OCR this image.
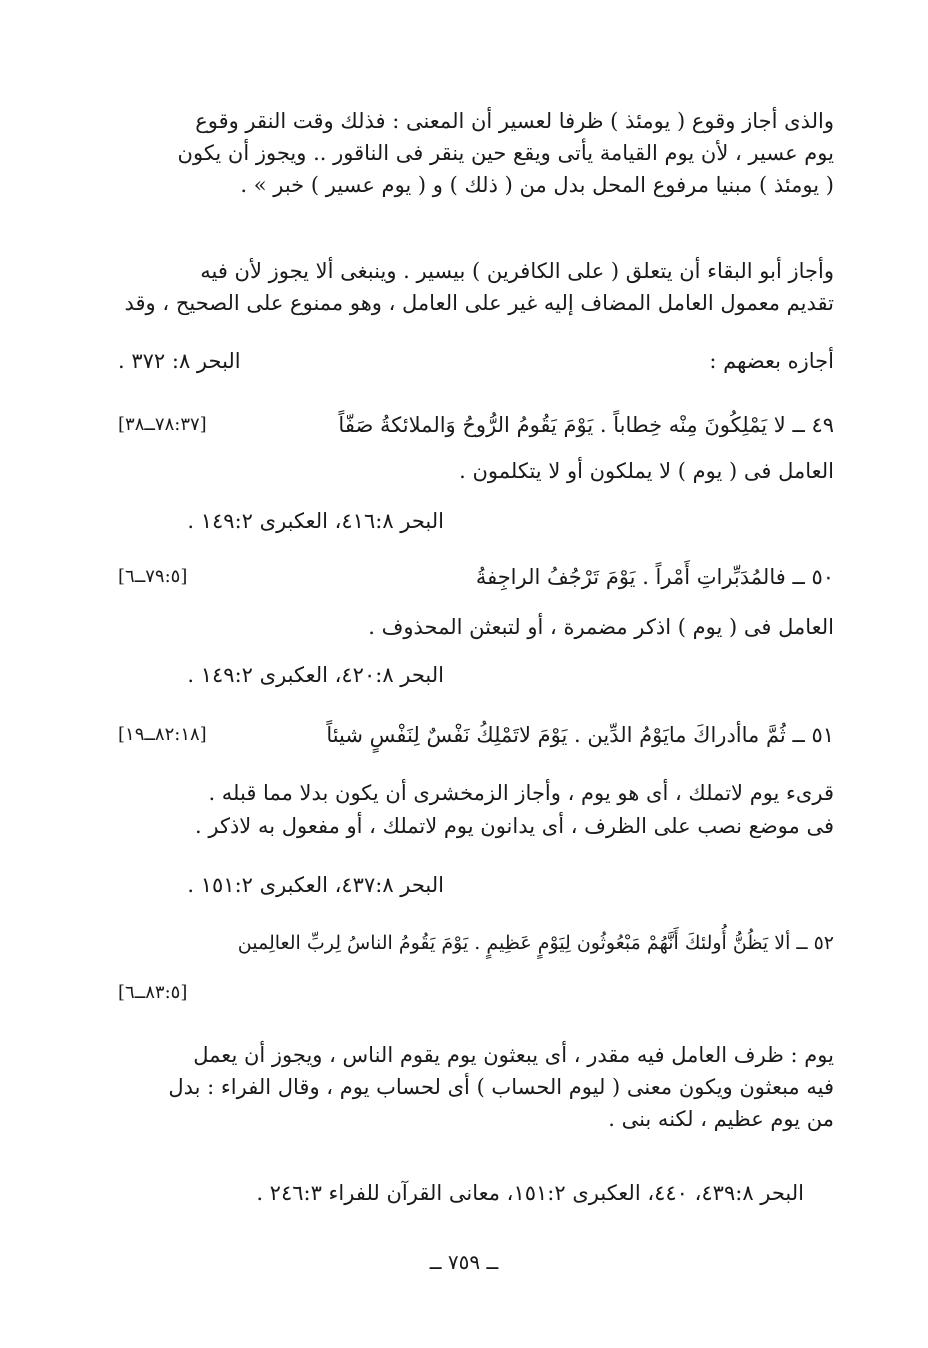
والذى أجاز وقوع ( يومئذ ) ظرفا لعسير أن المعنى : فذلك وقت النقر وقوع
يوم عسير ، لأن يوم القيامة يأتى ويقع حين ينقر فى الناقور .. ويجوز أن يكون
( يومئذ ) مبنيا مرفوع المحل بدل من ( ذلك ) و ( يوم عسير ) خبر » .
وأجاز أبو البقاء أن يتعلق ( على الكافرين ) بيسير . وينبغى ألا يجوز لأن فيه
تقديم معمول العامل المضاف إليه غير على العامل ، وهو ممنوع على الصحيح ، وقد
أجازه بعضهم :
البحر ٨: ٣٧٢ .
٤٩ ــ لا يَمْلِكُونَ مِنْه خِطاباً . يَوْمَ يَقُومُ الرُّوحُ وَالملائكةُ صَفّاً
[٧٨:٣٧ــ٣٨]
العامل فى ( يوم ) لا يملكون أو لا يتكلمون .
البحر ٤١٦:٨، العكبرى ١٤٩:٢ .
٥٠ ــ فالمُدَبِّراتِ أَمْراً . يَوْمَ تَرْجُفُ الراجِفةُ
[٧٩:٥ــ٦]
العامل فى ( يوم ) اذكر مضمرة ، أو لتبعثن المحذوف .
البحر ٤٢٠:٨، العكبرى ١٤٩:٢ .
٥١ ــ ثُمَّ ماأدراكَ مايَوْمُ الدِّين . يَوْمَ لاتَمْلِكُ نَفْسٌ لِنَفْسٍ شيئاً
[٨٢:١٨ــ١٩]
قرىء يوم لاتملك ، أى هو يوم ، وأجاز الزمخشرى أن يكون بدلا مما قبله .
فى موضع نصب على الظرف ، أى يدانون يوم لاتملك ، أو مفعول به لاذكر .
البحر ٤٣٧:٨، العكبرى ١٥١:٢ .
٥٢ ــ ألا يَظُنُّ أُولئكَ أَنَّهُمْ مَبْعُوثُون لِيَوْمٍ عَظِيمٍ . يَوْمَ يَقُومُ الناسُ لِربِّ العالِمين
[٨٣:٥ــ٦]
يوم : ظرف العامل فيه مقدر ، أى يبعثون يوم يقوم الناس ، ويجوز أن يعمل
فيه مبعثون ويكون معنى ( ليوم الحساب ) أى لحساب يوم ، وقال الفراء : بدل
من يوم عظيم ، لكنه بنى .
البحر ٤٣٩:٨، ٤٤٠، العكبرى ١٥١:٢، معانى القرآن للفراء ٢٤٦:٣ .
ــ ٧٥٩ ــ
